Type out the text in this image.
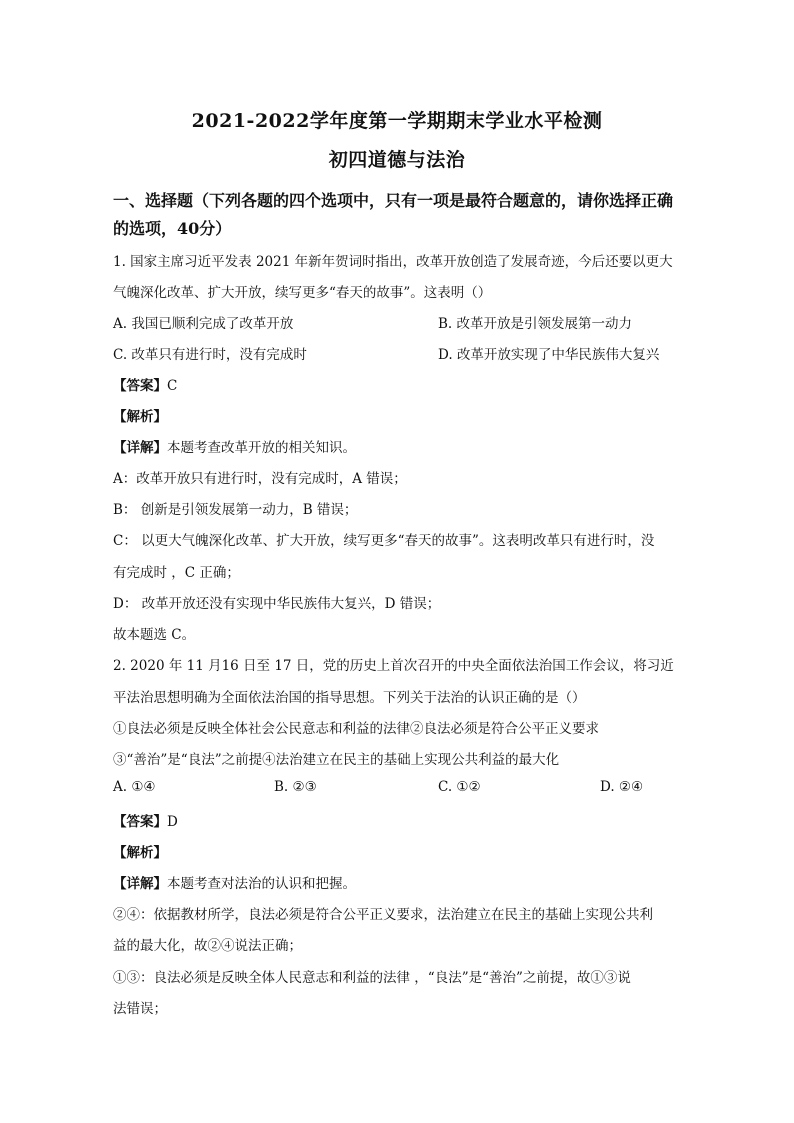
2021-2022学年度第一学期期末学业水平检测
初四道德与法治
一、选择题（下列各题的四个选项中，只有一项是最符合题意的，请你选择正确
的选项，40分）
1. 国家主席习近平发表 2021 年新年贺词时指出，改革开放创造了发展奇迹，今后还要以更大
气魄深化改革、扩大开放，续写更多“春天的故事”。这表明（）
A. 我国已顺利完成了改革开放	B. 改革开放是引领发展第一动力
C. 改革只有进行时，没有完成时	D. 改革开放实现了中华民族伟大复兴
【答案】C
【解析】
【详解】本题考查改革开放的相关知识。
A：改革开放只有进行时，没有完成时，A 错误；
B： 创新是引领发展第一动力，B 错误；
C： 以更大气魄深化改革、扩大开放，续写更多“春天的故事”。这表明改革只有进行时，没
有完成时 ，C 正确；
D： 改革开放还没有实现中华民族伟大复兴，D 错误；
故本题选 C。
2. 2020 年 11 月16 日至 17 日，党的历史上首次召开的中央全面依法治国工作会议，将习近
平法治思想明确为全面依法治国的指导思想。下列关于法治的认识正确的是（）
①良法必须是反映全体社会公民意志和利益的法律②良法必须是符合公平正义要求
③“善治”是“良法”之前提④法治建立在民主的基础上实现公共利益的最大化
A. ①④	B. ②③	C. ①②	D. ②④
【答案】D
【解析】
【详解】本题考查对法治的认识和把握。
②④：依据教材所学，良法必须是符合公平正义要求，法治建立在民主的基础上实现公共利
益的最大化，故②④说法正确；
①③：良法必须是反映全体人民意志和利益的法律 ，“良法”是“善治”之前提，故①③说
法错误；
